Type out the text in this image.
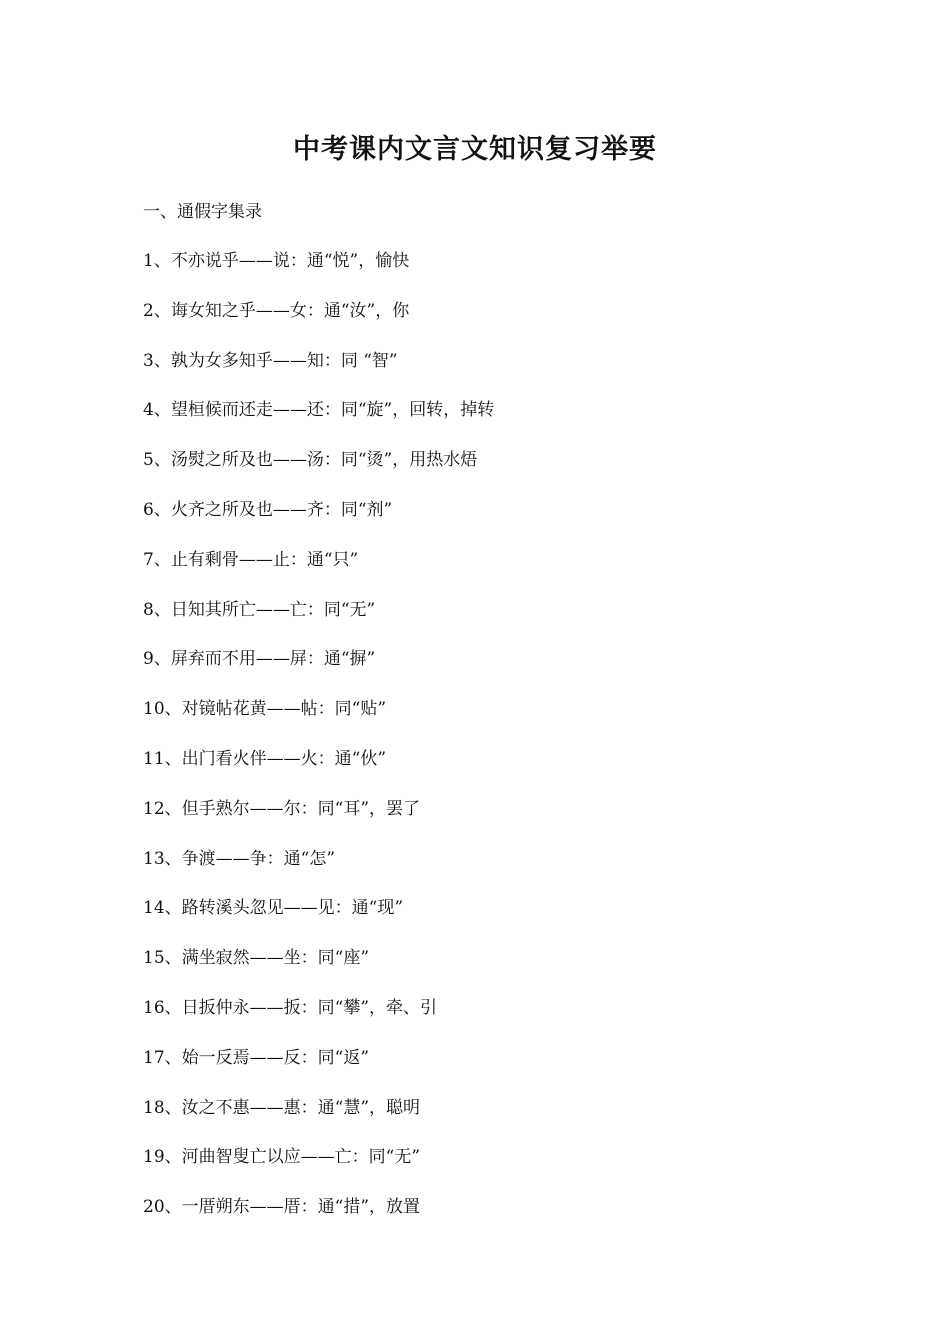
中考课内文言文知识复习举要
一、通假字集录
1、不亦说乎——说：通“悦”，愉快
2、诲女知之乎——女：通“汝”，你
3、孰为女多知乎——知：同 “智”
4、望桓候而还走——还：同“旋”，回转，掉转
5、汤熨之所及也——汤：同“烫”，用热水焐
6、火齐之所及也——齐：同“剂”
7、止有剩骨——止：通“只”
8、日知其所亡——亡：同“无”
9、屏弃而不用——屏：通“摒”
10、对镜帖花黄——帖：同“贴”
11、出门看火伴——火：通“伙”
12、但手熟尔——尔：同“耳”，罢了
13、争渡——争：通“怎”
14、路转溪头忽见——见：通“现”
15、满坐寂然——坐：同“座”
16、日扳仲永——扳：同“攀”，牵、引
17、始一反焉——反：同“返”
18、汝之不惠——惠：通“慧”，聪明
19、河曲智叟亡以应——亡：同“无”
20、一厝朔东——厝：通“措”，放置
